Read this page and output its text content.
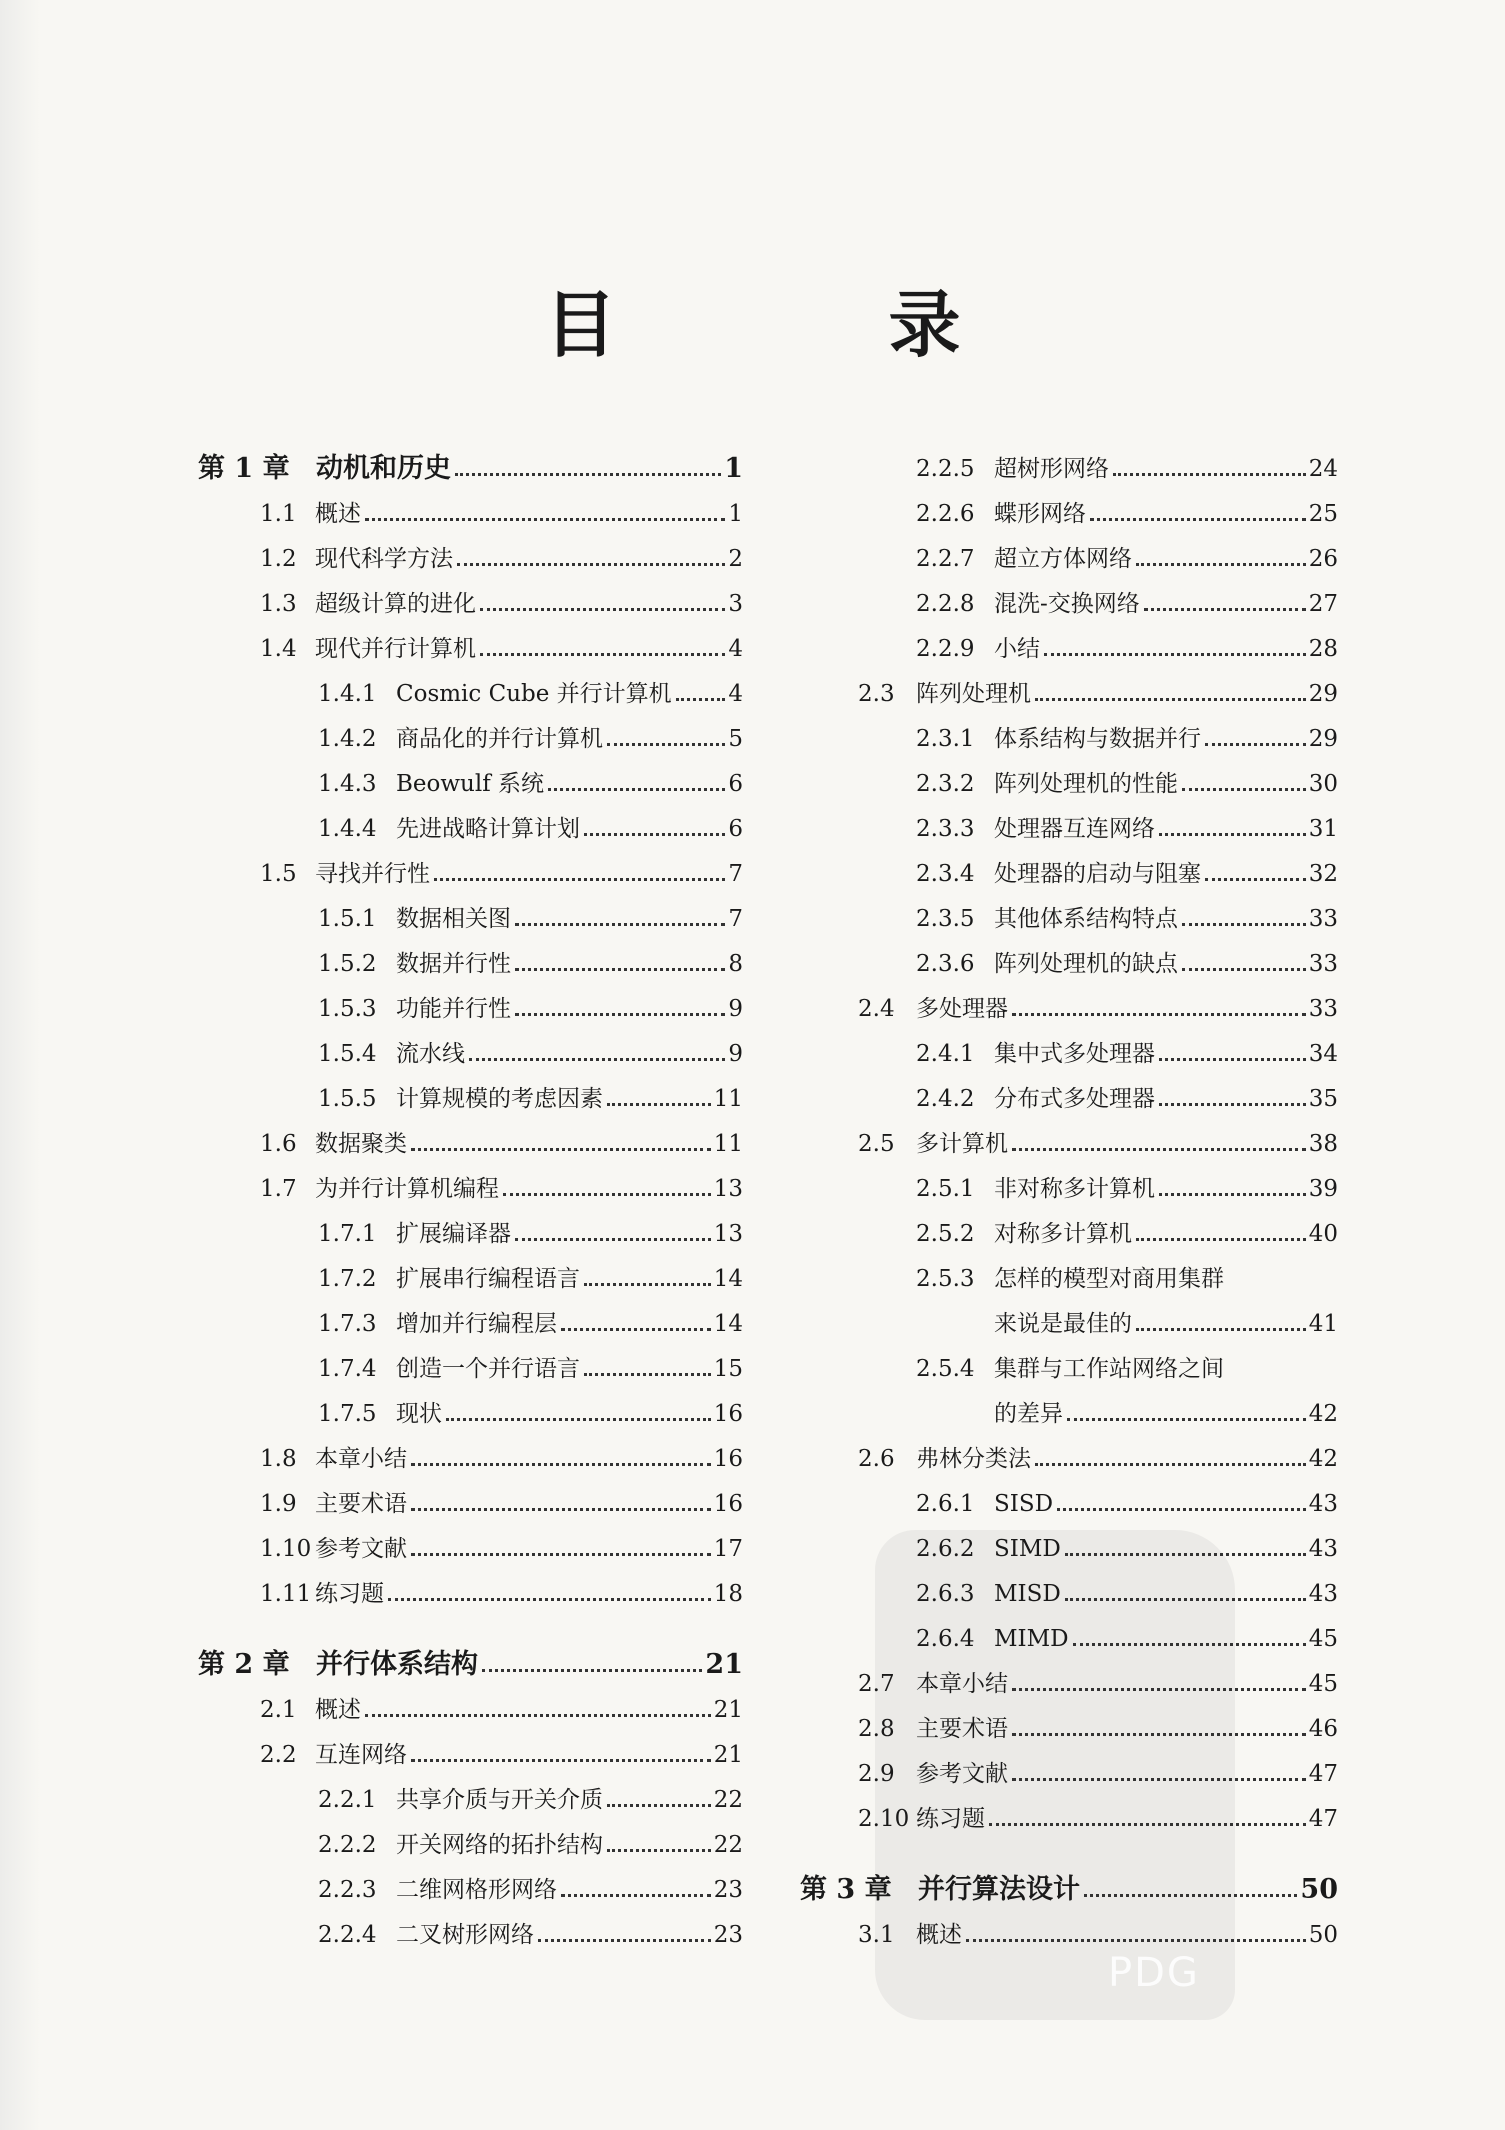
PDG
目　录
第 1 章 动机和历史	1
1.1 概述	1
1.2 现代科学方法	2
1.3 超级计算的进化	3
1.4 现代并行计算机	4
1.4.1 Cosmic Cube 并行计算机 4
1.4.2 商品化的并行计算机	5
1.4.3 Beowulf 系统	6
1.4.4 先进战略计算计划	6
1.5 寻找并行性	7
1.5.1 数据相关图	7
1.5.2 数据并行性	8
1.5.3 功能并行性	9
1.5.4 流水线	9
1.5.5 计算规模的考虑因素	11
1.6 数据聚类	11
1.7 为并行计算机编程	13
1.7.1 扩展编译器	13
1.7.2 扩展串行编程语言	14
1.7.3 增加并行编程层	14
1.7.4 创造一个并行语言	15
1.7.5 现状	16
1.8 本章小结	16
1.9 主要术语	16
1.10 参考文献	17
1.11 练习题	18
第 2 章 并行体系结构	21
2.1 概述	21
2.2 互连网络	21
2.2.1 共享介质与开关介质	22
2.2.2 开关网络的拓扑结构	22
2.2.3 二维网格形网络	23
2.2.4 二叉树形网络	23
2.2.5 超树形网络	24
2.2.6 蝶形网络	25
2.2.7 超立方体网络	26
2.2.8 混洗-交换网络	27
2.2.9 小结	28
2.3 阵列处理机	29
2.3.1 体系结构与数据并行	29
2.3.2 阵列处理机的性能	30
2.3.3 处理器互连网络	31
2.3.4 处理器的启动与阻塞	32
2.3.5 其他体系结构特点	33
2.3.6 阵列处理机的缺点	33
2.4 多处理器	33
2.4.1 集中式多处理器	34
2.4.2 分布式多处理器	35
2.5 多计算机	38
2.5.1 非对称多计算机	39
2.5.2 对称多计算机	40
2.5.3 怎样的模型对商用集群
来说是最佳的	41
2.5.4 集群与工作站网络之间
的差异	42
2.6 弗林分类法	42
2.6.1 SISD	43
2.6.2 SIMD	43
2.6.3 MISD	43
2.6.4 MIMD	45
2.7 本章小结	45
2.8 主要术语	46
2.9 参考文献	47
2.10 练习题	47
第 3 章 并行算法设计	50
3.1 概述	50
